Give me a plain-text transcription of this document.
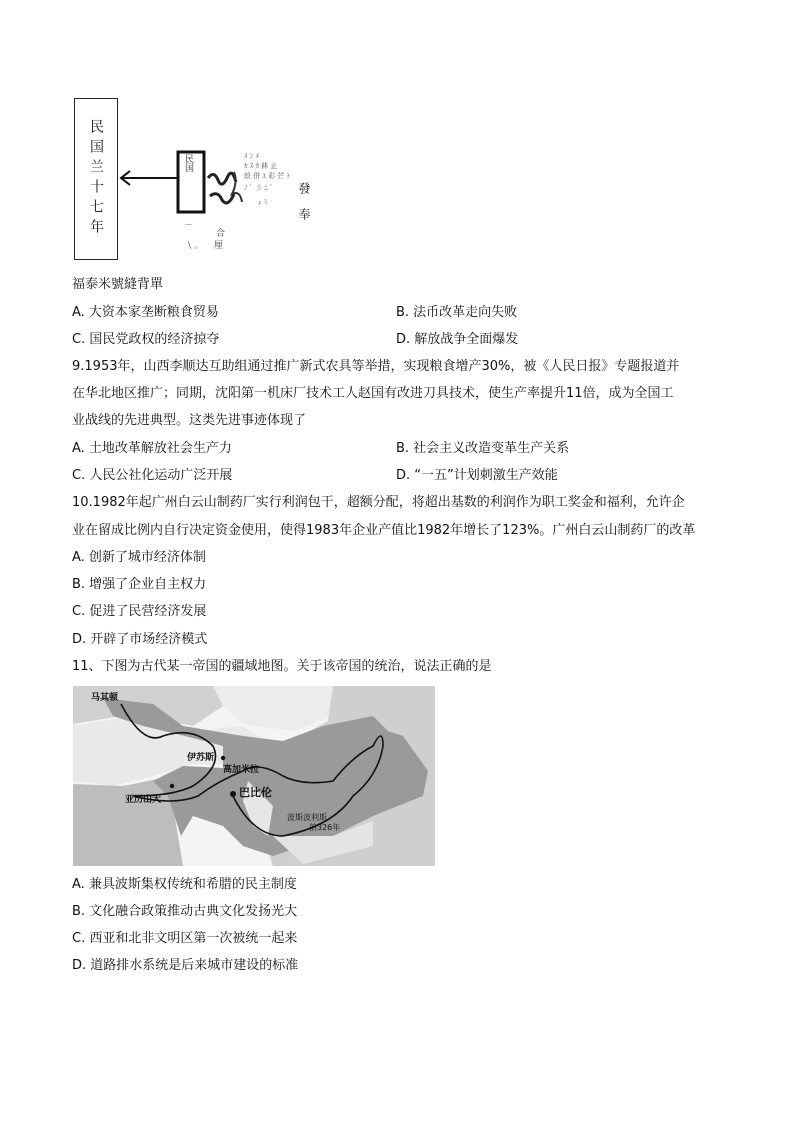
民国兰十七年	合
厘
－
\ 。
ﾒ ﾝ ﾒ
ｶ ｽ ｶ 鉢 止
絵 併 ﾕ 彩 芒 ﾄ
ﾉ ﾞ 彡 ﾆ ﾞ
ｪ ﾐ
民国
發奉
福泰米號縫背單
A. 大资本家垄断粮食贸易	B. 法币改革走向失败
C. 国民党政权的经济掠夺	D. 解放战争全面爆发
9.1953年，山西李顺达互助组通过推广新式农具等举措，实现粮食增产30%，被《人民日报》专题报道并
在华北地区推广；同期，沈阳第一机床厂技术工人赵国有改进刀具技术，使生产率提升11倍，成为全国工
业战线的先进典型。这类先进事迹体现了
A. 土地改革解放社会生产力	B. 社会主义改造变革生产关系
C. 人民公社化运动广泛开展	D. “一五”计划刺激生产效能
10.1982年起广州白云山制药厂实行利润包干，超额分配，将超出基数的利润作为职工奖金和福利，允许企
业在留成比例内自行决定资金使用，使得1983年企业产值比1982年增长了123%。广州白云山制药厂的改革
A. 创新了城市经济体制
B. 增强了企业自主权力
C. 促进了民营经济发展
D. 开辟了市场经济模式
11、下图为古代某一帝国的疆域地图。关于该帝国的统治，说法正确的是
马其顿
伊苏斯
高加米拉
巴比伦
亚历山大
波斯波利斯
前326年
A. 兼具波斯集权传统和希腊的民主制度
B. 文化融合政策推动古典文化发扬光大
C. 西亚和北非文明区第一次被统一起来
D. 道路排水系统是后来城市建设的标准
